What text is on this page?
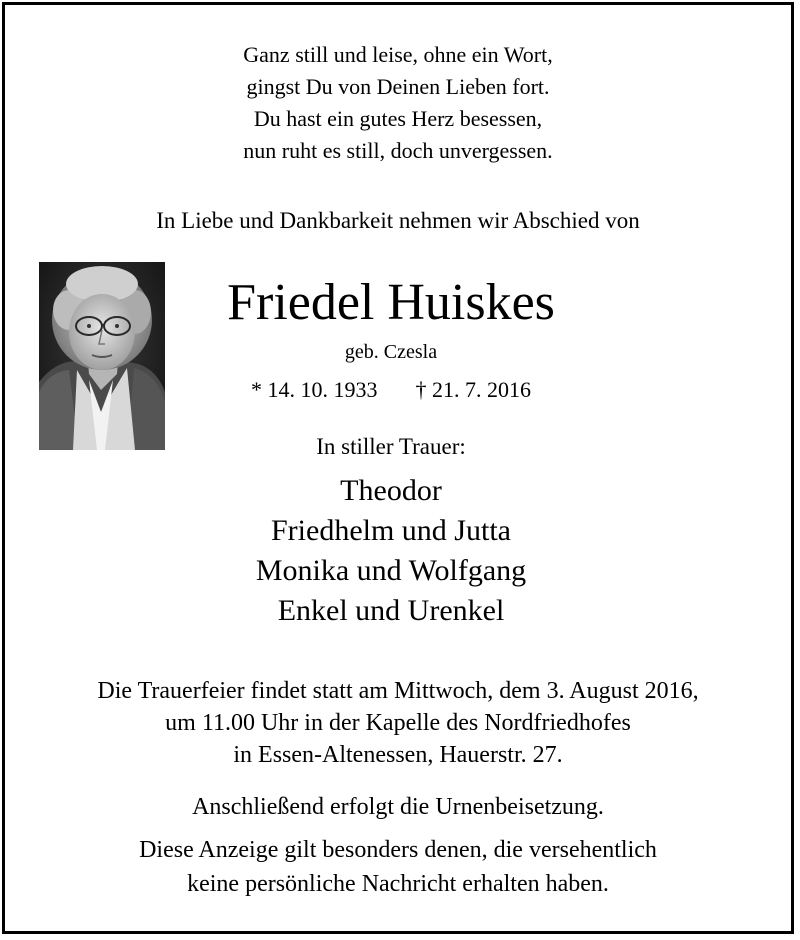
Ganz still und leise, ohne ein Wort,
gingst Du von Deinen Lieben fort.
Du hast ein gutes Herz besessen,
nun ruht es still, doch unvergessen.
In Liebe und Dankbarkeit nehmen wir Abschied von
Friedel Huiskes
geb. Czesla
* 14. 10. 1933 † 21. 7. 2016
In stiller Trauer:
Theodor
Friedhelm und Jutta
Monika und Wolfgang
Enkel und Urenkel
Die Trauerfeier findet statt am Mittwoch, dem 3. August 2016,
um 11.00 Uhr in der Kapelle des Nordfriedhofes
in Essen-Altenessen, Hauerstr. 27.
Anschließend erfolgt die Urnenbeisetzung.
Diese Anzeige gilt besonders denen, die versehentlich
keine persönliche Nachricht erhalten haben.
